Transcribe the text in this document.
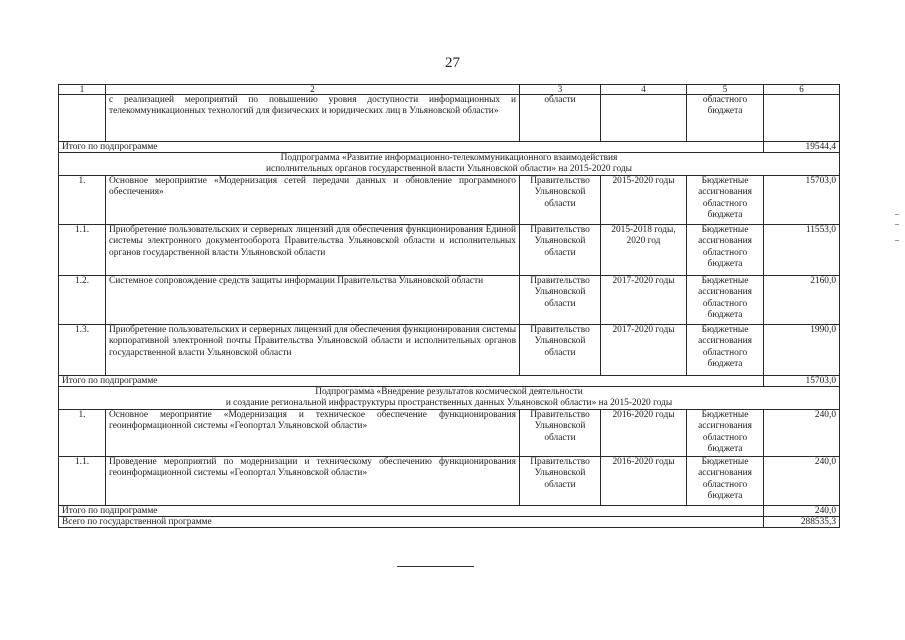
27
1	2	3	4	5	6
	с реализацией мероприятий по повышению уровня доступности информационных и телекоммуникационных технологий для физических и юридических лиц в Ульяновской области»	области		областного бюджета	
Итого по подпрограмме					19544,4

Подпрограмма «Развитие информационно-телекоммуникационного взаимодействия
исполнительных органов государственной власти Ульяновской области» на 2015-2020 годы					

1.	Основное мероприятие «Модернизация сетей передачи данных и обновление программного обеспечения»	Правительство Ульяновской области	2015-2020 годы	Бюджетные ассигнования областного бюджета	15703,0
1.1.	Приобретение пользовательских и серверных лицензий для обеспечения функционирования Единой системы электронного документооборота Правительства Ульяновской области и исполнительных органов государственной власти Ульяновской области	Правительство Ульяновской области	2015-2018 годы, 2020 год	Бюджетные ассигнования областного бюджета	11553,0
1.2.	Системное сопровождение средств защиты информации Правительства Ульяновской области	Правительство Ульяновской области	2017-2020 годы	Бюджетные ассигнования областного бюджета	2160,0
1.3.	Приобретение пользовательских и серверных лицензий для обеспечения функционирования системы корпоративной электронной почты Правительства Ульяновской области и исполнительных органов государственной власти Ульяновской области	Правительство Ульяновской области	2017-2020 годы	Бюджетные ассигнования областного бюджета	1990,0
Итого по подпрограмме					15703,0

Подпрограмма «Внедрение результатов космической деятельности
и создание региональной инфраструктуры пространственных данных Ульяновской области» на 2015-2020 годы					

1.	Основное мероприятие «Модернизация и техническое обеспечение функционирования геоинформационной системы «Геопортал Ульяновской области»	Правительство Ульяновской области	2016-2020 годы	Бюджетные ассигнования областного бюджета	240,0
1.1.	Проведение мероприятий по модернизации и техническому обеспечению функционирования геоинформационной системы «Геопортал Ульяновской области»	Правительство Ульяновской области	2016-2020 годы	Бюджетные ассигнования областного бюджета	240,0
Итого по подпрограмме					240,0
Всего по государственной программе					288535,3
